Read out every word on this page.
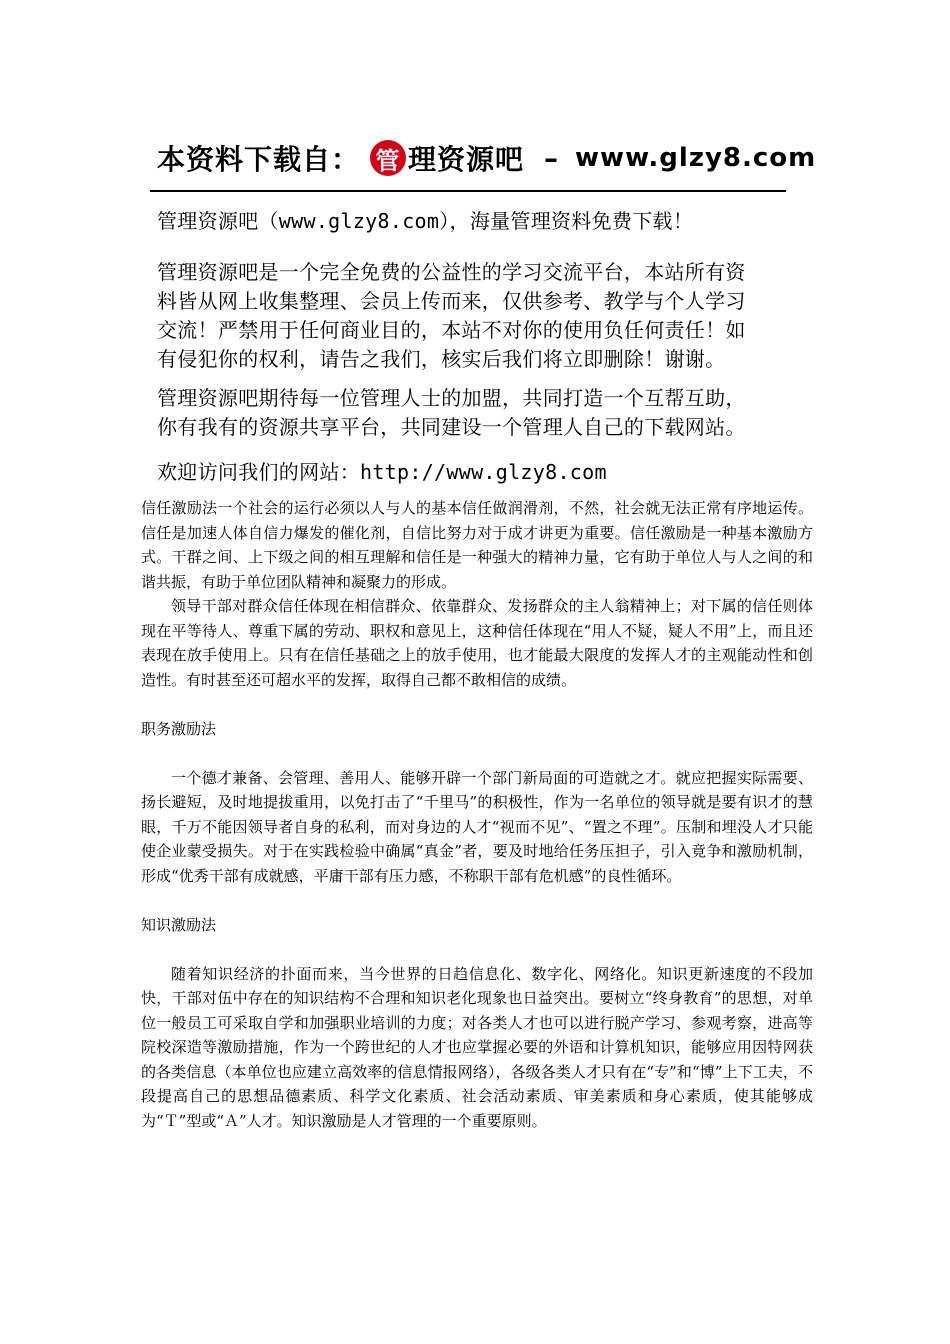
本资料下载自： 管 理资源吧 – www.glzy8.com
管理资源吧（www.glzy8.com），海量管理资料免费下载！
管理资源吧是一个完全免费的公益性的学习交流平台，本站所有资
料皆从网上收集整理、会员上传而来，仅供参考、教学与个人学习
交流！严禁用于任何商业目的，本站不对你的使用负任何责任！如
有侵犯你的权利，请告之我们，核实后我们将立即删除！谢谢。
管理资源吧期待每一位管理人士的加盟，共同打造一个互帮互助，
你有我有的资源共享平台，共同建设一个管理人自己的下载网站。
欢迎访问我们的网站：http://www.glzy8.com

信任激励法一个社会的运行必须以人与人的基本信任做润滑剂，不然，社会就无法正常有序地运传。信任是加速人体自信力爆发的催化剂，自信比努力对于成才讲更为重要。信任激励是一种基本激励方式。干群之间、上下级之间的相互理解和信任是一种强大的精神力量，它有助于单位人与人之间的和谐共振，有助于单位团队精神和凝聚力的形成。

领导干部对群众信任体现在相信群众、依靠群众、发扬群众的主人翁精神上；对下属的信任则体现在平等待人、尊重下属的劳动、职权和意见上，这种信任体现在“用人不疑，疑人不用”上，而且还表现在放手使用上。只有在信任基础之上的放手使用，也才能最大限度的发挥人才的主观能动性和创造性。有时甚至还可超水平的发挥，取得自己都不敢相信的成绩。

职务激励法

一个德才兼备、会管理、善用人、能够开辟一个部门新局面的可造就之才。就应把握实际需要、扬长避短，及时地提拔重用，以免打击了“千里马”的积极性，作为一名单位的领导就是要有识才的慧眼，千万不能因领导者自身的私利，而对身边的人才“视而不见”、“置之不理”。压制和埋没人才只能使企业蒙受损失。对于在实践检验中确属“真金”者，要及时地给任务压担子，引入竟争和激励机制，形成“优秀干部有成就感，平庸干部有压力感，不称职干部有危机感”的良性循环。

知识激励法

随着知识经济的扑面而来，当今世界的日趋信息化、数字化、网络化。知识更新速度的不段加快，干部对伍中存在的知识结构不合理和知识老化现象也日益突出。要树立“终身教育”的思想，对单位一般员工可采取自学和加强职业培训的力度；对各类人才也可以进行脱产学习、参观考察，进高等院校深造等激励措施，作为一个跨世纪的人才也应掌握必要的外语和计算机知识，能够应用因特网获的各类信息（本单位也应建立高效率的信息情报网络），各级各类人才只有在“专”和“博”上下工夫，不段提高自己的思想品德素质、科学文化素质、社会活动素质、审美素质和身心素质，使其能够成为“Ｔ”型或“Ａ”人才。知识激励是人才管理的一个重要原则。
